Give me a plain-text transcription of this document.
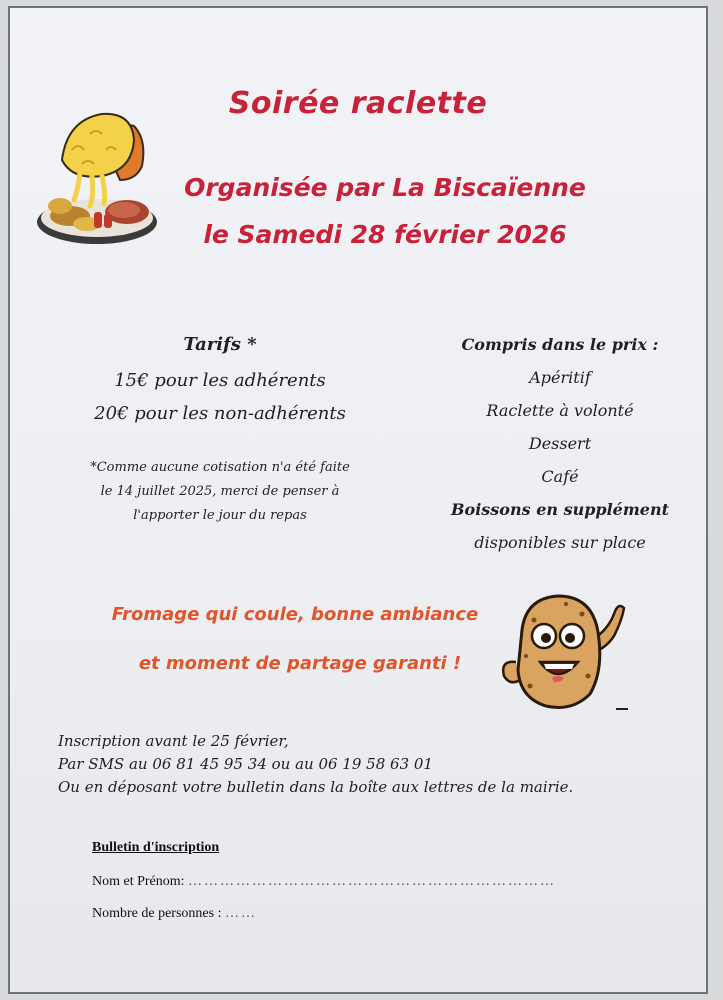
Soirée raclette
Organisée par La Biscaïenne
le Samedi 28 février 2026
Tarifs *
15€ pour les adhérents
20€ pour les non-adhérents
*Comme aucune cotisation n'a été faite
le 14 juillet 2025, merci de penser à
l'apporter le jour du repas
Compris dans le prix :
Apéritif
Raclette à volonté
Dessert
Café
Boissons en supplément
disponibles sur place
Fromage qui coule, bonne ambiance
et moment de partage garanti !
Inscription avant le 25 février,
Par SMS au 06 81 45 95 34 ou au 06 19 58 63 01
Ou en déposant votre bulletin dans la boîte aux lettres de la mairie.
Bulletin d'inscription
Nom et Prénom: ……………………………………………………………
Nombre de personnes : ……
